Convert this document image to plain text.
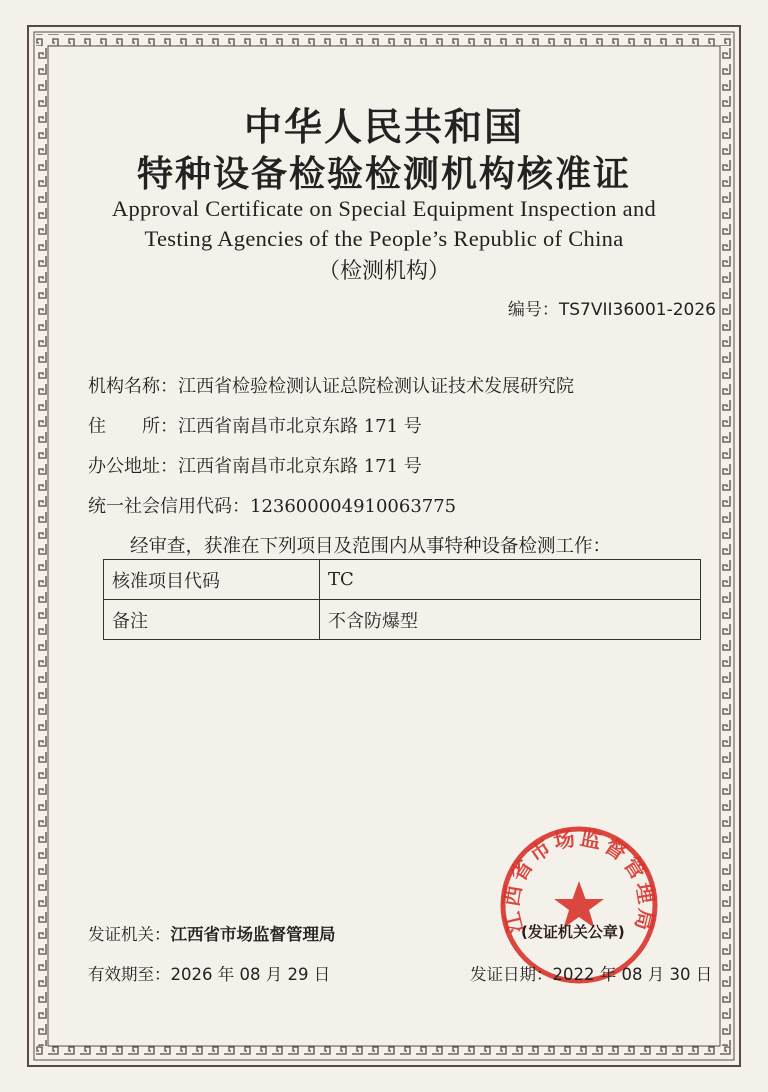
中华人民共和国
特种设备检验检测机构核准证
Approval Certificate on Special Equipment Inspection and
Testing Agencies of the People’s Republic of China
（检测机构）
编号：TS7VII36001-2026
机构名称：江西省检验检测认证总院检测认证技术发展研究院
住　　所：江西省南昌市北京东路 171 号
办公地址：江西省南昌市北京东路 171 号
统一社会信用代码：12360000491006377​5
经审查，获准在下列项目及范围内从事特种设备检测工作：
核准项目代码	TC
备注	不含防爆型
江西省市场监督管理局
(发证机关公章)
发证机关：江西省市场监督管理局
有效期至：2026 年 08 月 29 日	发证日期：2022 年 08 月 30 日
